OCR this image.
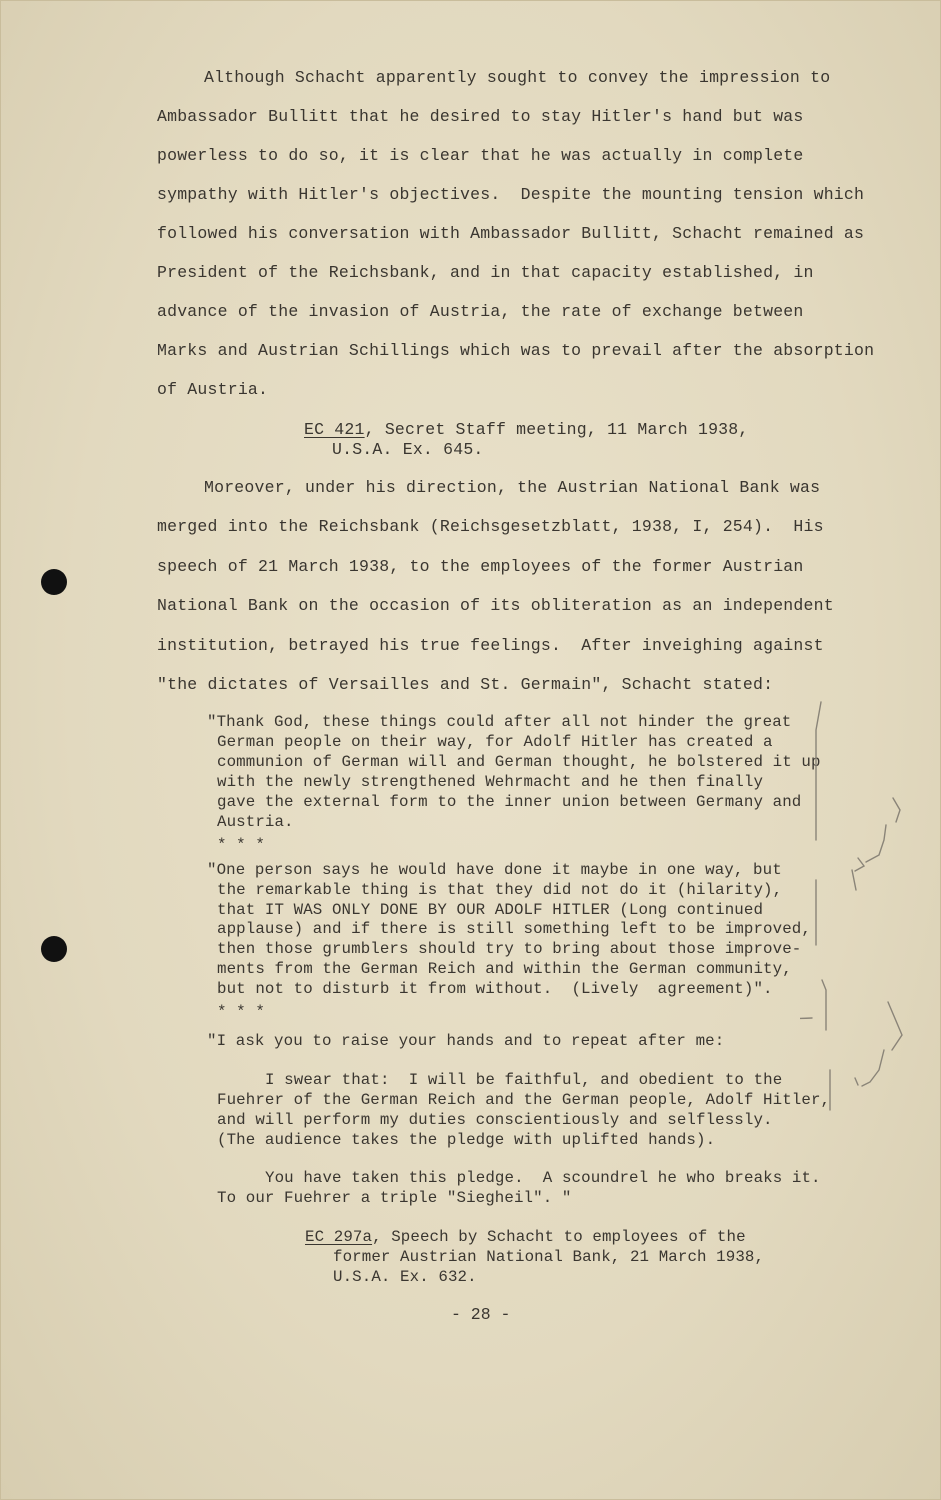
Although Schacht apparently sought to convey the impression to
Ambassador Bullitt that he desired to stay Hitler's hand but was
powerless to do so, it is clear that he was actually in complete
sympathy with Hitler's objectives.  Despite the mounting tension which
followed his conversation with Ambassador Bullitt, Schacht remained as
President of the Reichsbank, and in that capacity established, in
advance of the invasion of Austria, the rate of exchange between
Marks and Austrian Schillings which was to prevail after the absorption
of Austria.
EC 421, Secret Staff meeting, 11 March 1938,
U.S.A. Ex. 645.
Moreover, under his direction, the Austrian National Bank was
merged into the Reichsbank (Reichsgesetzblatt, 1938, I, 254).  His
speech of 21 March 1938, to the employees of the former Austrian
National Bank on the occasion of its obliteration as an independent
institution, betrayed his true feelings.  After inveighing against
"the dictates of Versailles and St. Germain", Schacht stated:
"Thank God, these things could after all not hinder the great
German people on their way, for Adolf Hitler has created a
communion of German will and German thought, he bolstered it up
with the newly strengthened Wehrmacht and he then finally
gave the external form to the inner union between Germany and
Austria.
* * *
"One person says he would have done it maybe in one way, but
the remarkable thing is that they did not do it (hilarity),
that IT WAS ONLY DONE BY OUR ADOLF HITLER (Long continued
applause) and if there is still something left to be improved,
then those grumblers should try to bring about those improve-
ments from the German Reich and within the German community,
but not to disturb it from without.  (Lively  agreement)".
* * *
"I ask you to raise your hands and to repeat after me:
I swear that:  I will be faithful, and obedient to the
Fuehrer of the German Reich and the German people, Adolf Hitler,
and will perform my duties conscientiously and selflessly.
(The audience takes the pledge with uplifted hands).
You have taken this pledge.  A scoundrel he who breaks it.
To our Fuehrer a triple "Siegheil". "
EC 297a, Speech by Schacht to employees of the
former Austrian National Bank, 21 March 1938,
U.S.A. Ex. 632.
- 28 -
